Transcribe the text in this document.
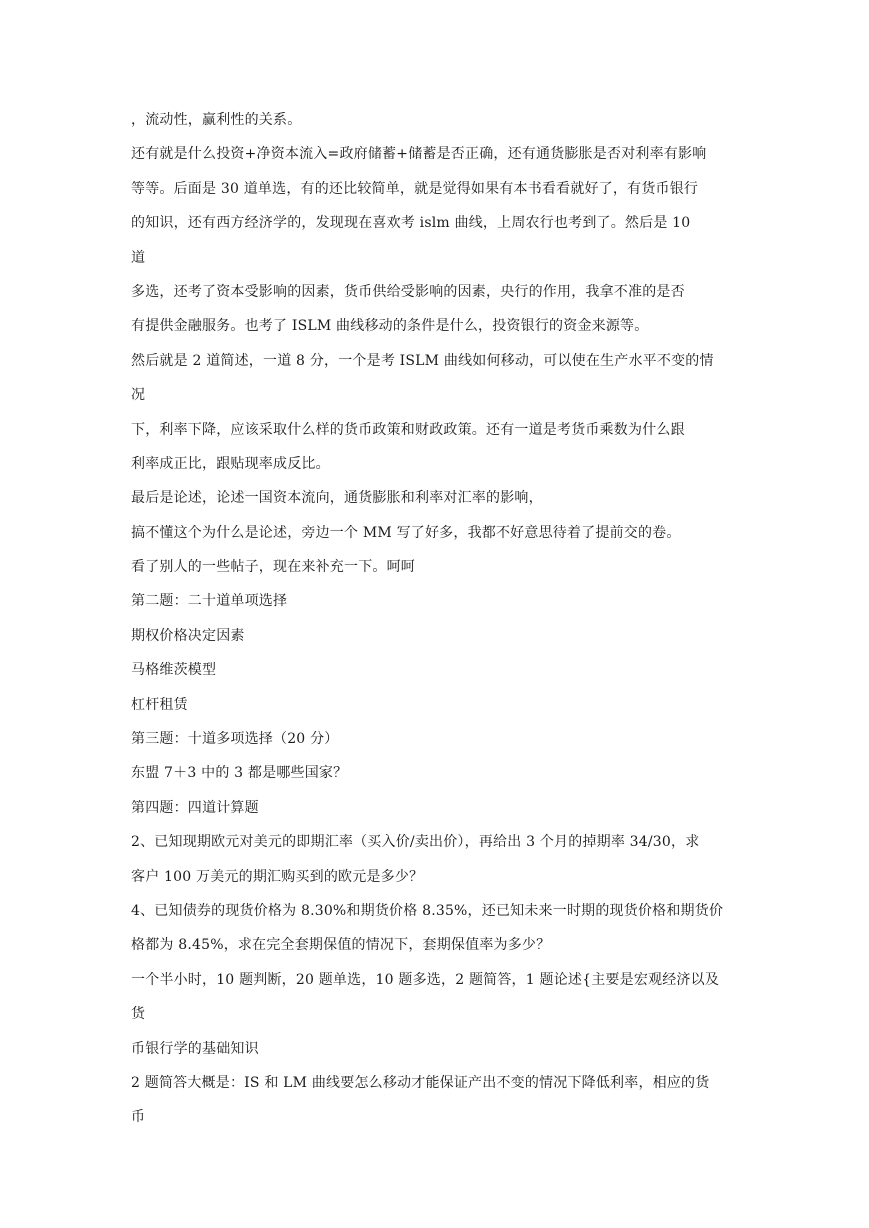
，流动性，赢利性的关系。
还有就是什么投资+净资本流入=政府储蓄+储蓄是否正确，还有通货膨胀是否对利率有影响
等等。后面是 30 道单选，有的还比较简单，就是觉得如果有本书看看就好了，有货币银行
的知识，还有西方经济学的，发现现在喜欢考 islm 曲线，上周农行也考到了。然后是 10
道
多选，还考了资本受影响的因素，货币供给受影响的因素，央行的作用，我拿不准的是否
有提供金融服务。也考了 ISLM 曲线移动的条件是什么，投资银行的资金来源等。
然后就是 2 道简述，一道 8 分，一个是考 ISLM 曲线如何移动，可以使在生产水平不变的情
况
下，利率下降，应该采取什么样的货币政策和财政政策。还有一道是考货币乘数为什么跟
利率成正比，跟贴现率成反比。
最后是论述，论述一国资本流向，通货膨胀和利率对汇率的影响，
搞不懂这个为什么是论述，旁边一个 MM 写了好多，我都不好意思待着了提前交的卷。
看了别人的一些帖子，现在来补充一下。呵呵
第二题：二十道单项选择
期权价格决定因素
马格维茨模型
杠杆租赁
第三题：十道多项选择（20 分）
东盟 7＋3 中的 3 都是哪些国家？
第四题：四道计算题
2、已知现期欧元对美元的即期汇率（买入价/卖出价），再给出 3 个月的掉期率 34/30，求
客户 100 万美元的期汇购买到的欧元是多少？
4、已知债券的现货价格为 8.30%和期货价格 8.35%，还已知未来一时期的现货价格和期货价
格都为 8.45%，求在完全套期保值的情况下，套期保值率为多少？
一个半小时，10 题判断，20 题单选，10 题多选，2 题简答，1 题论述{主要是宏观经济以及
货
币银行学的基础知识
2 题简答大概是：IS 和 LM 曲线要怎么移动才能保证产出不变的情况下降低利率，相应的货
币
